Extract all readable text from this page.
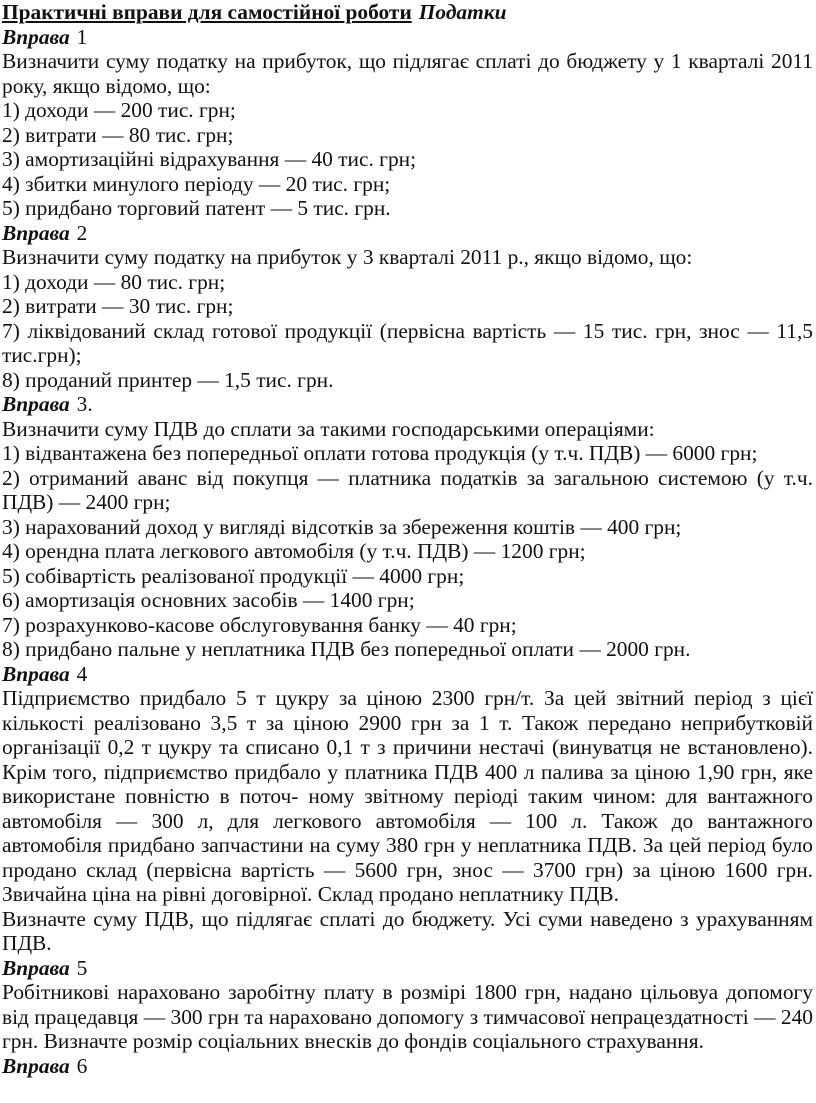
Практичні вправи для самостійної роботи Податки
Вправа 1
Визначити суму податку на прибуток, що підлягає сплаті до бюджету у 1 кварталі 2011
року, якщо відомо, що:
1) доходи — 200 тис. грн;
2) витрати — 80 тис. грн;
3) амортизаційні відрахування — 40 тис. грн;
4) збитки минулого періоду — 20 тис. грн;
5) придбано торговий патент — 5 тис. грн.
Вправа 2
Визначити суму податку на прибуток у 3 кварталі 2011 р., якщо відомо, що:
1) доходи — 80 тис. грн;
2) витрати — 30 тис. грн;
7) ліквідований склад готової продукції (первісна вартість — 15 тис. грн, знос — 11,5
тис.грн);
8) проданий принтер — 1,5 тис. грн.
Вправа 3.
Визначити суму ПДВ до сплати за такими господарськими операціями:
1) відвантажена без попередньої оплати готова продукція (у т.ч. ПДВ) — 6000 грн;
2) отриманий аванс від покупця — платника податків за загальною системою (у т.ч.
ПДВ) — 2400 грн;
3) нарахований доход у вигляді відсотків за збереження коштів — 400 грн;
4) орендна плата легкового автомобіля (у т.ч. ПДВ) — 1200 грн;
5) собівартість реалізованої продукції — 4000 грн;
6) амортизація основних засобів — 1400 грн;
7) розрахунково-касове обслуговування банку — 40 грн;
8) придбано пальне у неплатника ПДВ без попередньої оплати — 2000 грн.
Вправа 4
Підприємство придбало 5 т цукру за ціною 2300 грн/т. За цей звітний період з цієї
кількості реалізовано 3,5 т за ціною 2900 грн за 1 т. Також передано неприбутковій
організації 0,2 т цукру та списано 0,1 т з причини нестачі (винуватця не встановлено).
Крім того, підприємство придбало у платника ПДВ 400 л палива за ціною 1,90 грн, яке
використане повністю в поточ- ному звітному періоді таким чином: для вантажного
автомобіля — 300 л, для легкового автомобіля — 100 л. Також до вантажного
автомобіля придбано запчастини на суму 380 грн у неплатника ПДВ. За цей період було
продано склад (первісна вартість — 5600 грн, знос — 3700 грн) за ціною 1600 грн.
Звичайна ціна на рівні договірної. Склад продано неплатнику ПДВ.
Визначте суму ПДВ, що підлягає сплаті до бюджету. Усі суми наведено з урахуванням
ПДВ.
Вправа 5
Робітникові нараховано заробітну плату в розмірі 1800 грн, надано цільовуа допомогу
від працедавця — 300 грн та нараховано допомогу з тимчасової непрацездатності — 240
грн. Визначте розмір соціальних внесків до фондів соціального страхування.
Вправа 6
